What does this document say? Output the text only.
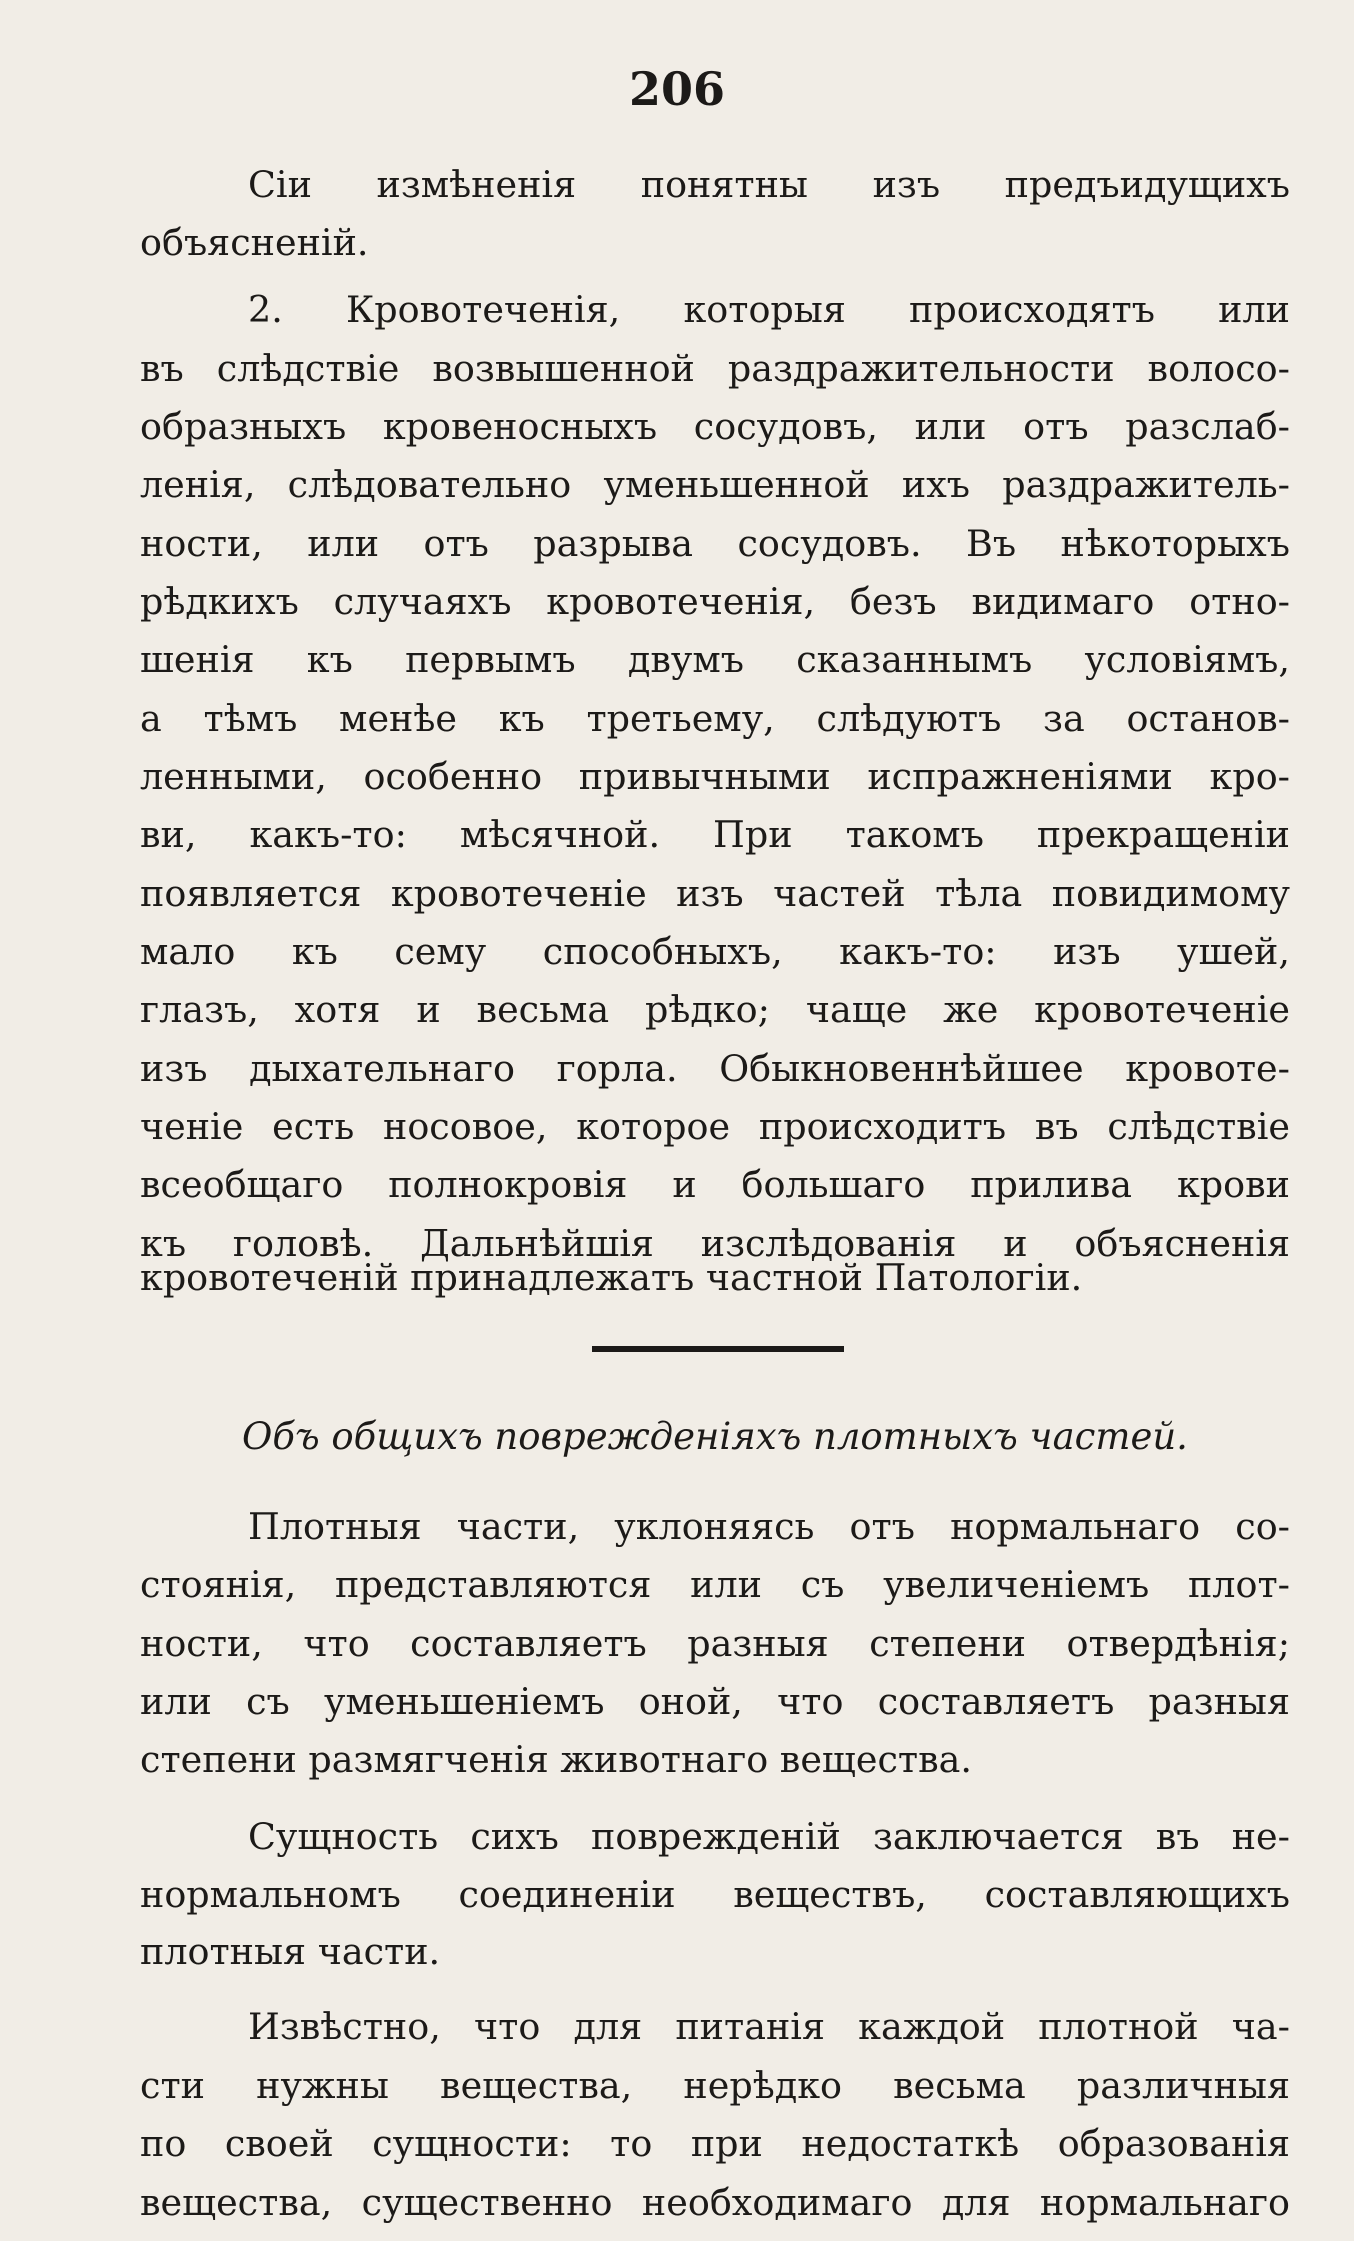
206

Сіи измѣненія понятны изъ предъидущихъ

объясненій.

2. Кровотеченія, которыя происходятъ или

въ слѣдствіе возвышенной раздражительности волосо-

образныхъ кровеносныхъ сосудовъ, или отъ разслаб-

ленія, слѣдовательно уменьшенной ихъ раздражитель-

ности, или отъ разрыва сосудовъ. Въ нѣкоторыхъ

рѣдкихъ случаяхъ кровотеченія, безъ видимаго отно-

шенія къ первымъ двумъ сказаннымъ условіямъ,

а тѣмъ менѣе къ третьему, слѣдуютъ за останов-

ленными, особенно привычными испражненіями кро-

ви, какъ-то: мѣсячной. При такомъ прекращеніи

появляется кровотеченіе изъ частей тѣла повидимому

мало къ сему способныхъ, какъ-то: изъ ушей,

глазъ, хотя и весьма рѣдко; чаще же кровотеченіе

изъ дыхательнаго горла. Обыкновеннѣйшее кровоте-

ченіе есть носовое, которое происходитъ въ слѣдствіе

всеобщаго полнокровія и большаго прилива крови

къ головѣ. Дальнѣйшія изслѣдованія и объясненія

кровотеченій принадлежатъ частной Патологіи.

Объ общихъ поврежденіяхъ плотныхъ частей.

Плотныя части, уклоняясь отъ нормальнаго со-

стоянія, представляются или съ увеличеніемъ плот-

ности, что составляетъ разныя степени отвердѣнія;

или съ уменьшеніемъ оной, что составляетъ разныя

степени размягченія животнаго вещества.

Сущность сихъ поврежденій заключается въ не-

нормальномъ соединеніи веществъ, составляющихъ

плотныя части.

Извѣстно, что для питанія каждой плотной ча-

сти нужны вещества, нерѣдко весьма различныя

по своей сущности: то при недостаткѣ образованія

вещества, существенно необходимаго для нормальнаго
